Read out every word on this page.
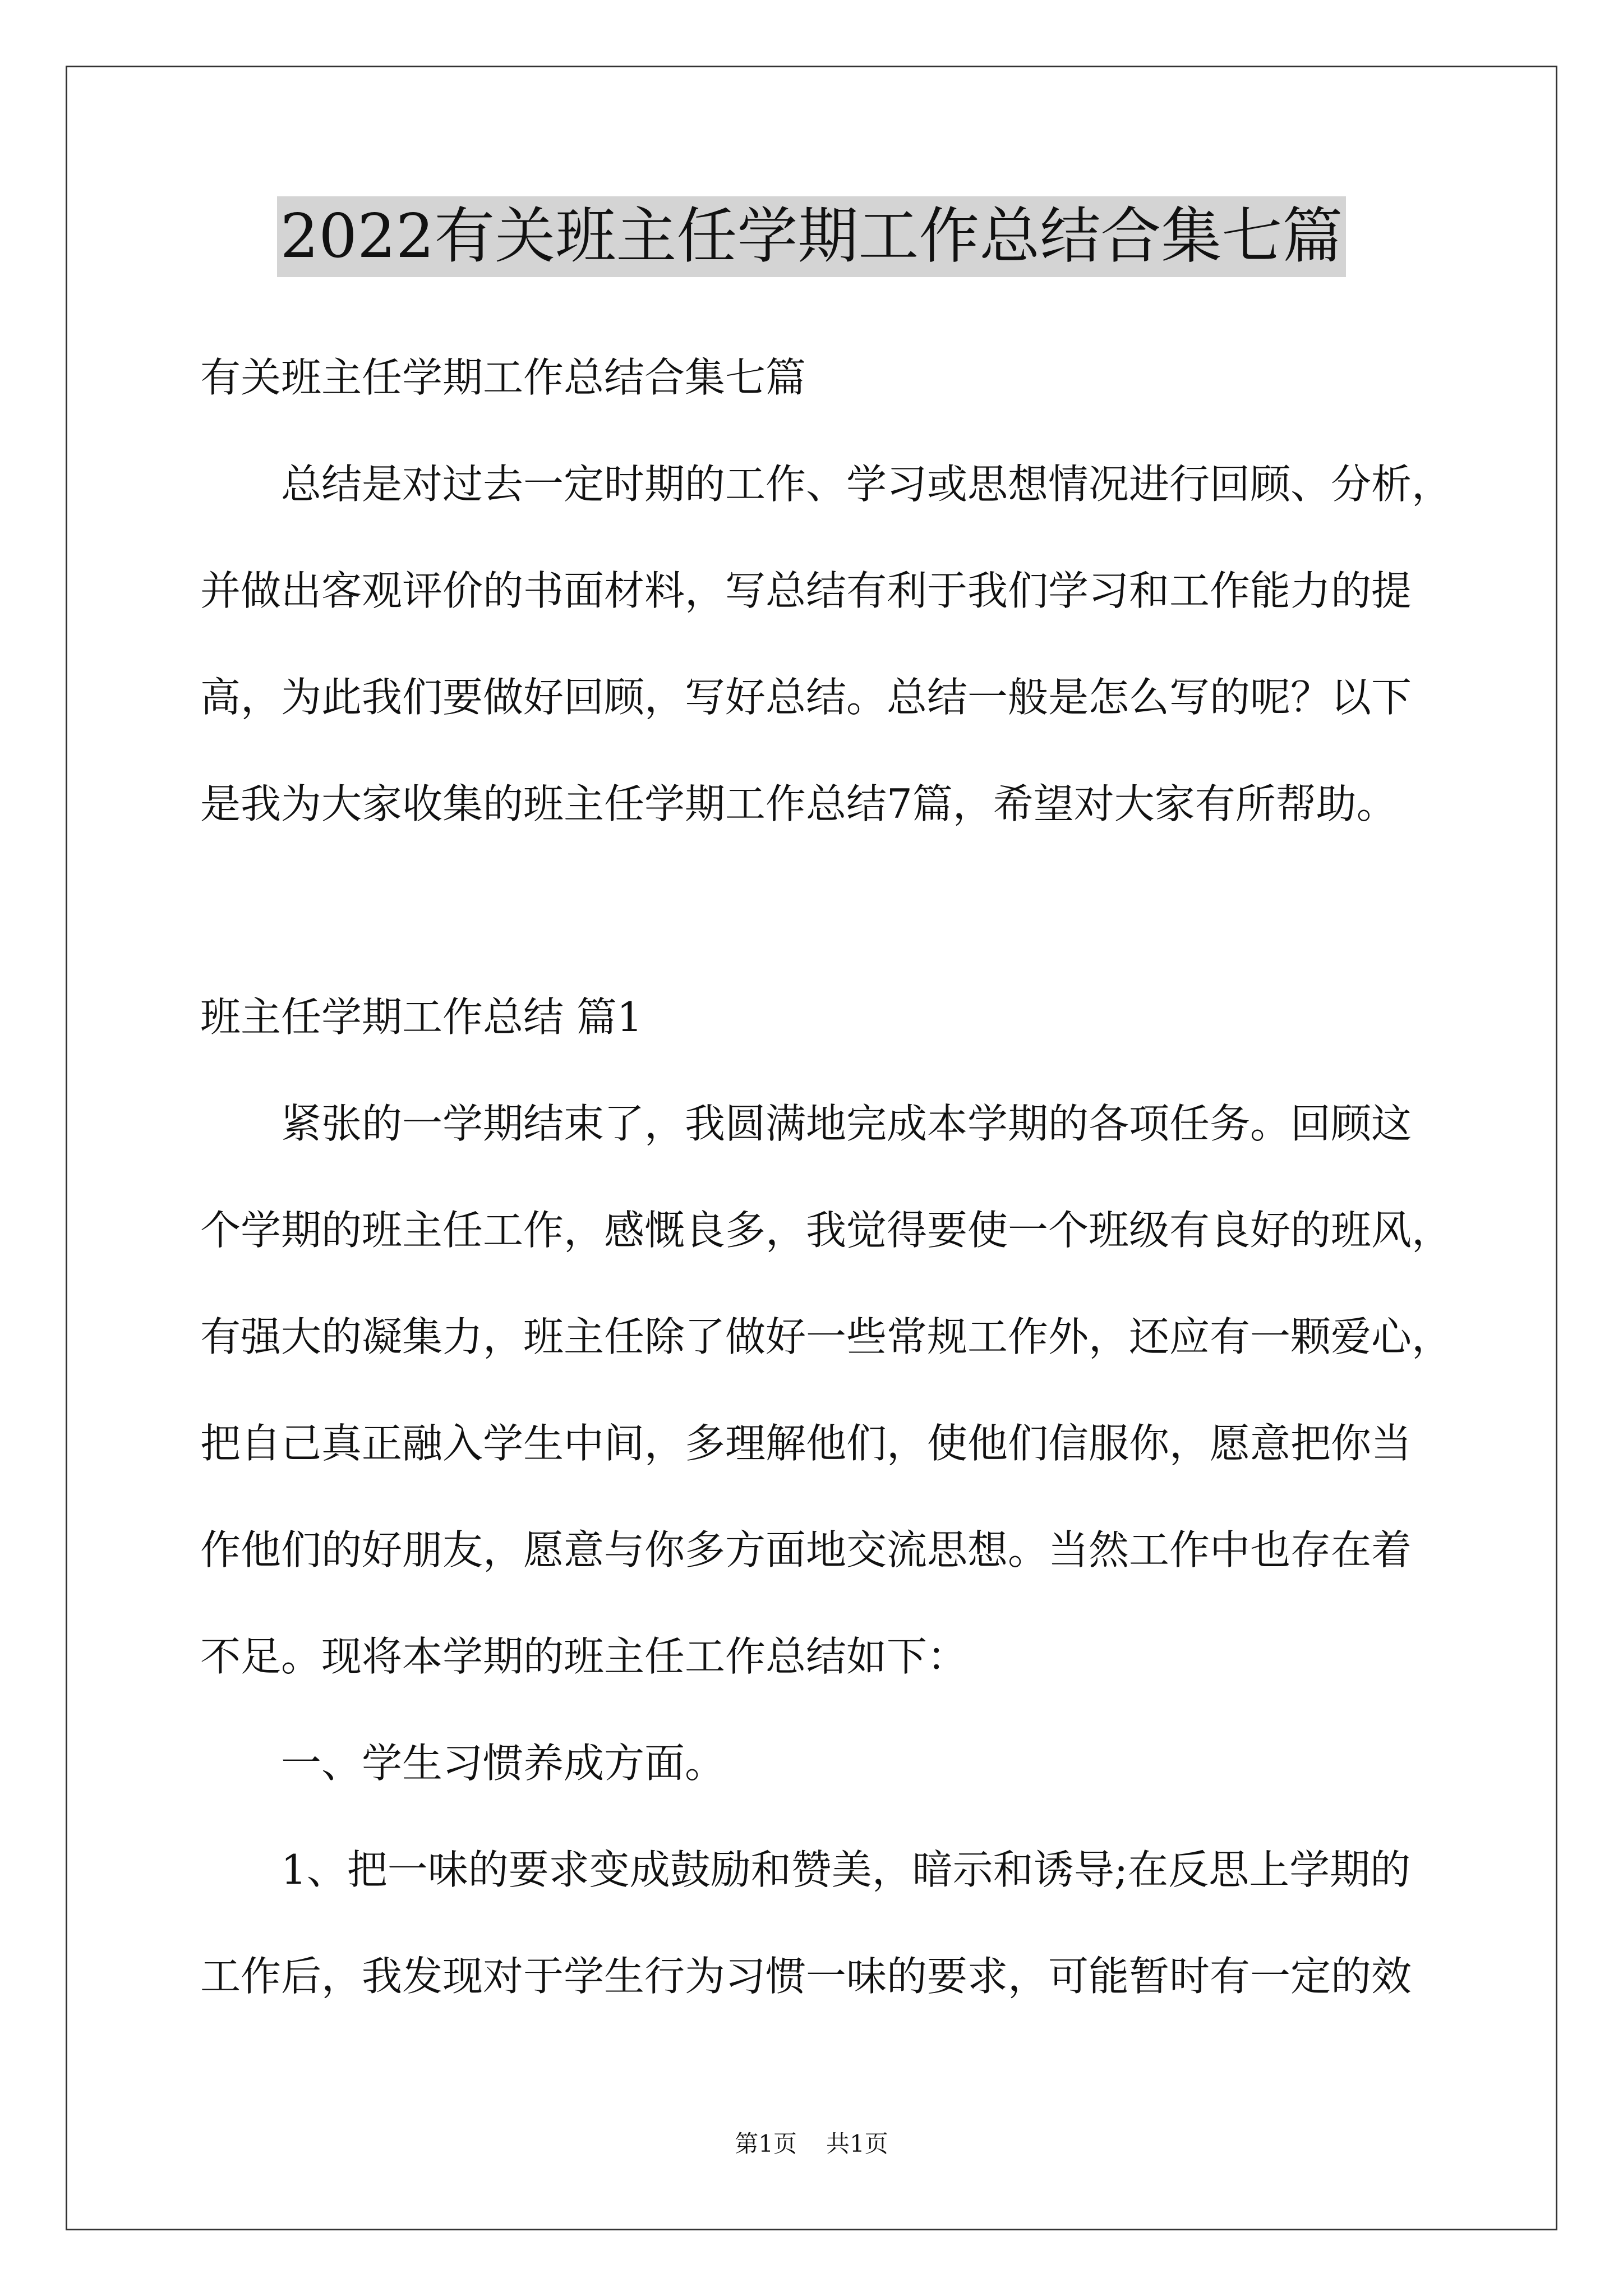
2022有关班主任学期工作总结合集七篇
有关班主任学期工作总结合集七篇
总结是对过去一定时期的工作、学习或思想情况进行回顾、分析，
并做出客观评价的书面材料，写总结有利于我们学习和工作能力的提
高，为此我们要做好回顾，写好总结。总结一般是怎么写的呢？以下
是我为大家收集的班主任学期工作总结7篇，希望对大家有所帮助。
班主任学期工作总结 篇1
紧张的一学期结束了，我圆满地完成本学期的各项任务。回顾这
个学期的班主任工作，感慨良多，我觉得要使一个班级有良好的班风，
有强大的凝集力，班主任除了做好一些常规工作外，还应有一颗爱心，
把自己真正融入学生中间，多理解他们，使他们信服你，愿意把你当
作他们的好朋友，愿意与你多方面地交流思想。当然工作中也存在着
不足。现将本学期的班主任工作总结如下：
一、学生习惯养成方面。
1、把一味的要求变成鼓励和赞美，暗示和诱导;在反思上学期的
工作后，我发现对于学生行为习惯一味的要求，可能暂时有一定的效
第1页 共1页
